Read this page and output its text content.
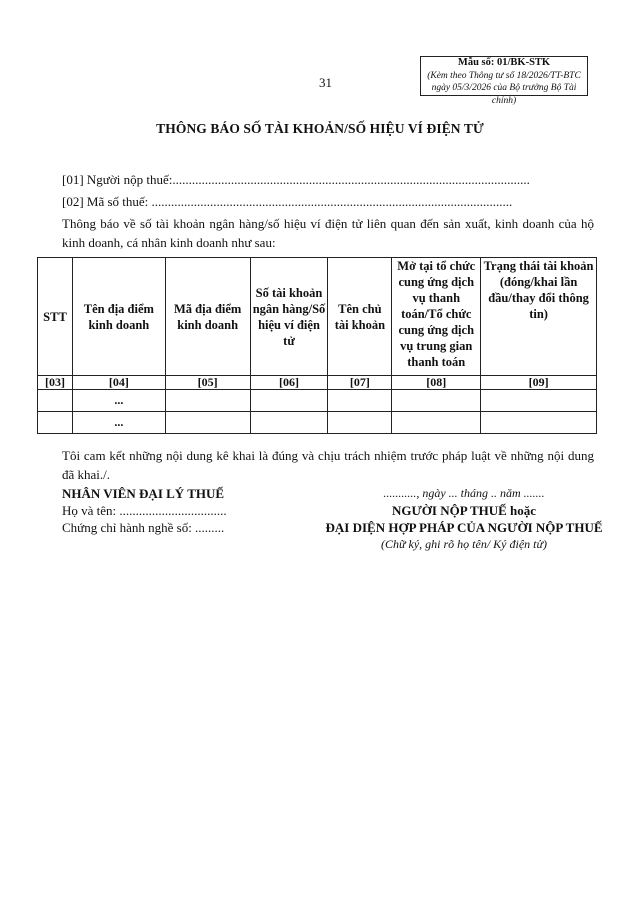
31
Mẫu số: 01/BK-STK
(Kèm theo Thông tư số 18/2026/TT-BTC
ngày 05/3/2026 của Bộ trưởng Bộ Tài chính)
THÔNG BÁO SỐ TÀI KHOẢN/SỐ HIỆU VÍ ĐIỆN TỬ
[01] Người nộp thuế:..............................................................................................................
[02] Mã số thuế: ...............................................................................................................
Thông báo về số tài khoản ngân hàng/số hiệu ví điện tử liên quan đến sản xuất, kinh doanh của hộ kinh doanh, cá nhân kinh doanh như sau:
STT	Tên địa điểm kinh doanh	Mã địa điểm kinh doanh	Số tài khoản ngân hàng/Số hiệu ví điện tử	Tên chủ tài khoản	Mở tại tổ chức cung ứng dịch vụ thanh toán/Tổ chức cung ứng dịch vụ trung gian thanh toán	Trạng thái tài khoản (đóng/khai lần đầu/thay đổi thông tin)
[03]	[04]	[05]	[06]	[07]	[08]	[09]
	...					
	...					
Tôi cam kết những nội dung kê khai là đúng và chịu trách nhiệm trước pháp luật về những nội dung đã khai./.
NHÂN VIÊN ĐẠI LÝ THUẾ
Họ và tên: .................................
Chứng chỉ hành nghề số: .........
..........., ngày ... tháng .. năm .......
NGƯỜI NỘP THUẾ hoặc
ĐẠI DIỆN HỢP PHÁP CỦA NGƯỜI NỘP THUẾ
(Chữ ký, ghi rõ họ tên/ Ký điện tử)
